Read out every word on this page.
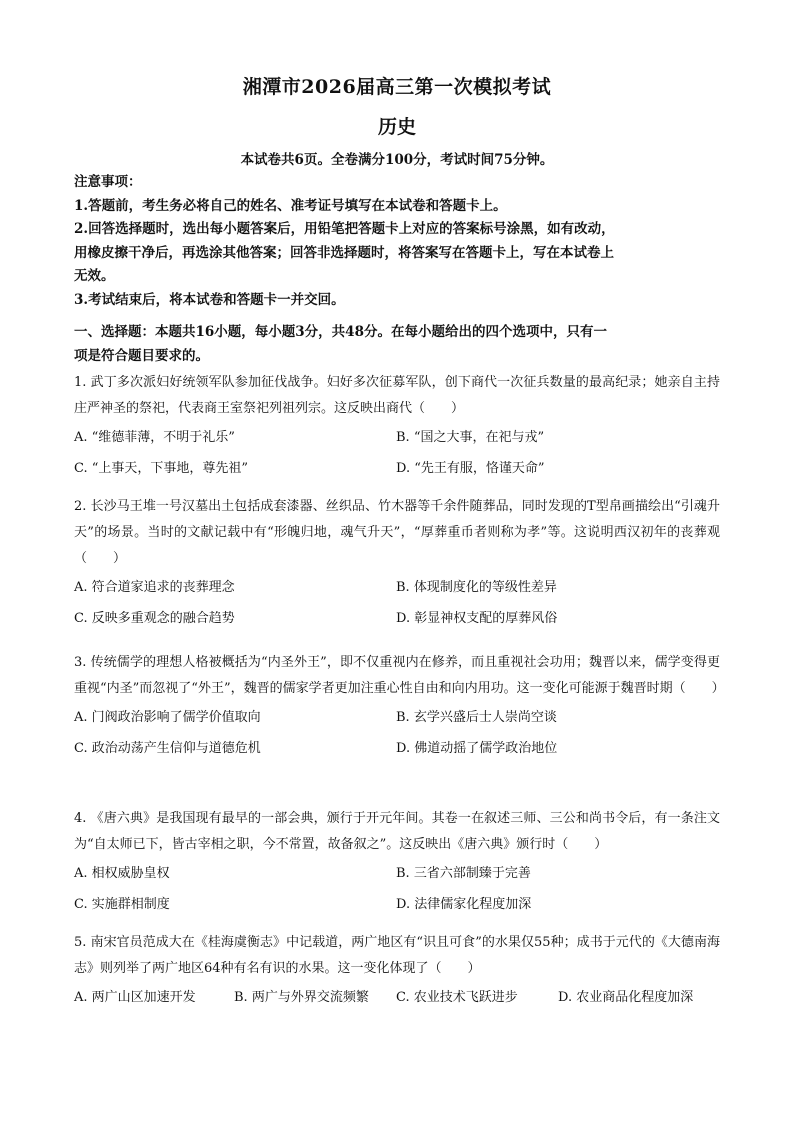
湘潭市2026届高三第一次模拟考试
历史
本试卷共6页。全卷满分100分，考试时间75分钟。
注意事项：
1.答题前，考生务必将自己的姓名、准考证号填写在本试卷和答题卡上。
2.回答选择题时，选出每小题答案后，用铅笔把答题卡上对应的答案标号涂黑，如有改动，
用橡皮擦干净后，再选涂其他答案；回答非选择题时，将答案写在答题卡上，写在本试卷上
无效。
3.考试结束后，将本试卷和答题卡一并交回。
一、选择题：本题共16小题，每小题3分，共48分。在每小题给出的四个选项中，只有一
项是符合题目要求的。
1. 武丁多次派妇好统领军队参加征伐战争。妇好多次征募军队，创下商代一次征兵数量的最高纪录；她亲自主持庄严神圣的祭祀，代表商王室祭祀列祖列宗。这反映出商代（　　）
A. “维德菲薄，不明于礼乐”	B. “国之大事，在祀与戎”
C. “上事天，下事地，尊先祖”	D. “先王有服，恪谨天命”
2. 长沙马王堆一号汉墓出土包括成套漆器、丝织品、竹木器等千余件随葬品，同时发现的T型帛画描绘出“引魂升天”的场景。当时的文献记载中有“形魄归地，魂气升天”，“厚葬重币者则称为孝”等。这说明西汉初年的丧葬观（　　）
A. 符合道家追求的丧葬理念	B. 体现制度化的等级性差异
C. 反映多重观念的融合趋势	D. 彰显神权支配的厚葬风俗
3. 传统儒学的理想人格被概括为“内圣外王”，即不仅重视内在修养，而且重视社会功用；魏晋以来，儒学变得更重视“内圣”而忽视了“外王”，魏晋的儒家学者更加注重心性自由和向内用功。这一变化可能源于魏晋时期（　　）
A. 门阀政治影响了儒学价值取向	B. 玄学兴盛后士人崇尚空谈
C. 政治动荡产生信仰与道德危机	D. 佛道动摇了儒学政治地位
4. 《唐六典》是我国现有最早的一部会典，颁行于开元年间。其卷一在叙述三师、三公和尚书令后，有一条注文为“自太师已下，皆古宰相之职，今不常置，故备叙之”。这反映出《唐六典》颁行时（　　）
A. 相权威胁皇权	B. 三省六部制臻于完善
C. 实施群相制度	D. 法律儒家化程度加深
5. 南宋官员范成大在《桂海虞衡志》中记载道，两广地区有“识且可食”的水果仅55种；成书于元代的《大德南海志》则列举了两广地区64种有名有识的水果。这一变化体现了（　　）
A. 两广山区加速开发	B. 两广与外界交流频繁 C. 农业技术飞跃进步	D. 农业商品化程度加深
